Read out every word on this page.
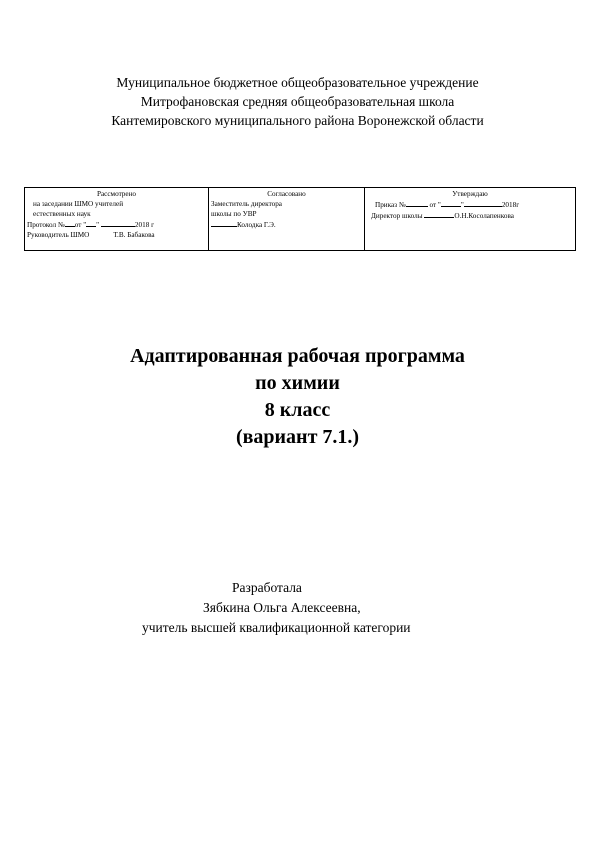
Муниципальное бюджетное общеобразовательное учреждение
Митрофановская средняя общеобразовательная школа
Кантемировского муниципального района Воронежской области
Рассмотрено
на заседании ШМО учителей
естественных наук
Протокол № от " "	2018 г
Руководитель ШМО	Т.В. Бабакова

Согласовано
Заместитель директора
школы по УВР
Колодка Г.Э.

Утверждаю
Приказ №	от "	"	2018г
Директор школы	О.Н.Косолапенкова
Адаптированная рабочая программа
по химии
8 класс
(вариант 7.1.)
Разработала
Зябкина Ольга Алексеевна,
учитель высшей квалификационной категории
